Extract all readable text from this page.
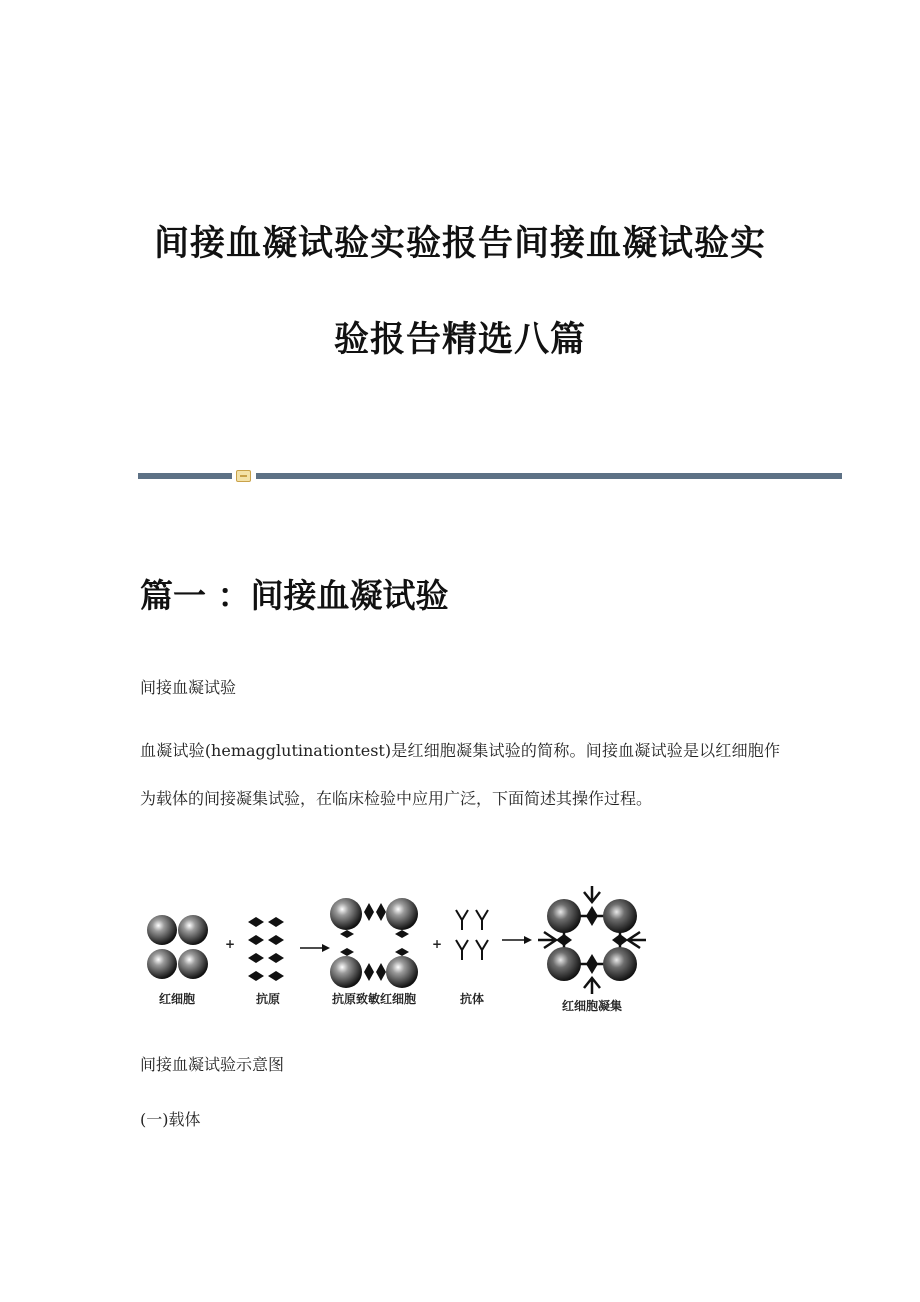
间接血凝试验实验报告间接血凝试验实
验报告精选八篇
篇一 ：间接血凝试验
间接血凝试验
血凝试验(hemagglutinationtest)是红细胞凝集试验的简称。间接血凝试验是以红细胞作为载体的间接凝集试验，在临床检验中应用广泛，下面简述其操作过程。
红细胞
+
抗原	抗原致敏红细胞
+
抗体	红细胞凝集
间接血凝试验示意图
(一)载体
